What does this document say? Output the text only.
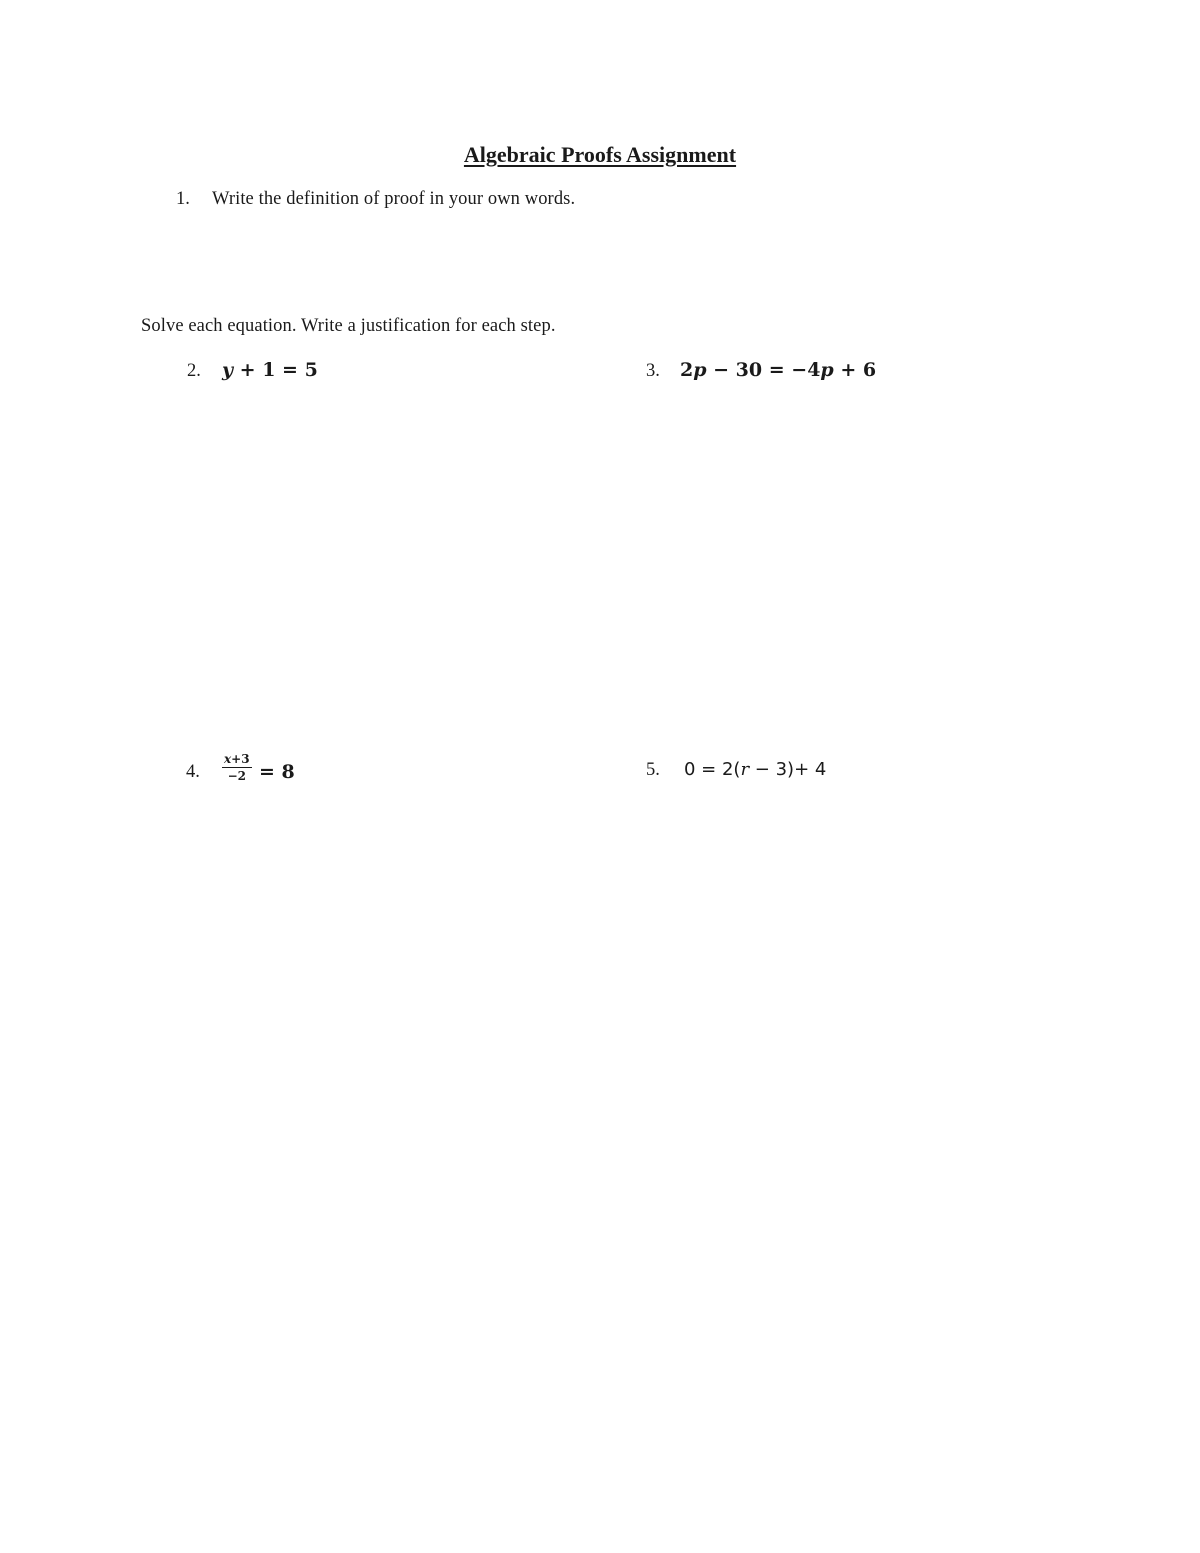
Algebraic Proofs Assignment
1. Write the definition of proof in your own words.
Solve each equation. Write a justification for each step.
2. y + 1 = 5	3. 2p − 30 = −4p + 6
4. $\frac{x+3}{-2} = 8$	5. 0 = 2(r − 3)+ 4
